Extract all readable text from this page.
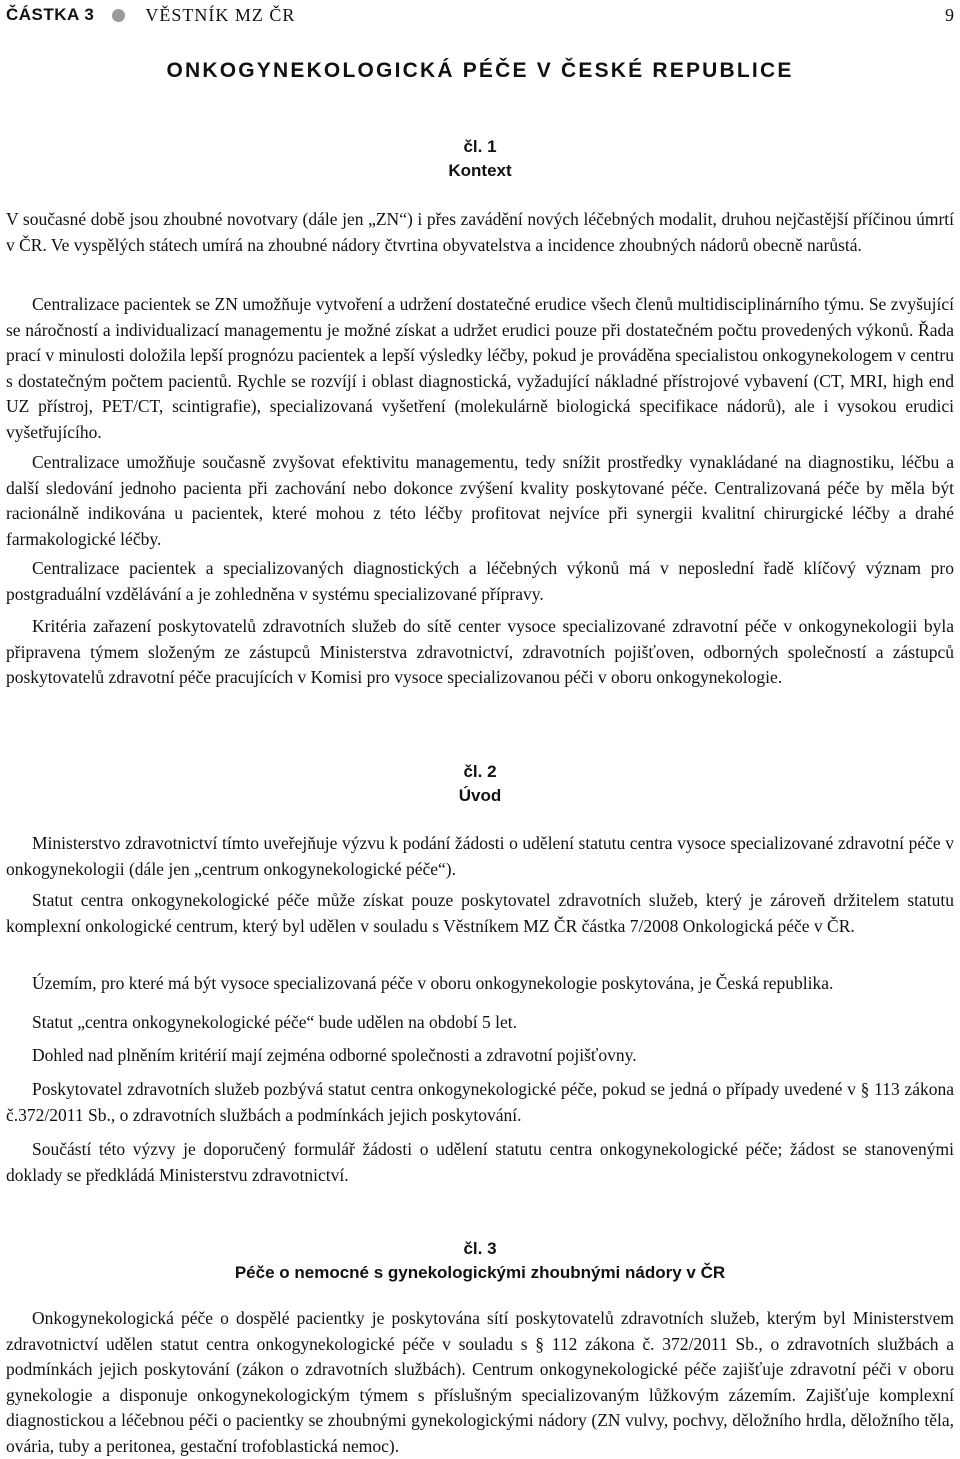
ČÁSTKA 3	VĚSTNÍK MZ ČR	9
ONKOGYNEKOLOGICKÁ PÉČE V ČESKÉ REPUBLICE
čl. 1
Kontext

V současné době jsou zhoubné novotvary (dále jen „ZN“) i přes zavádění nových léčebných modalit, druhou nejčastější příčinou úmrtí v ČR. Ve vyspělých státech umírá na zhoubné nádory čtvrtina obyvatelstva a incidence zhoubných nádorů obecně narůstá.

Centralizace pacientek se ZN umožňuje vytvoření a udržení dostatečné erudice všech členů multidisciplinárního týmu. Se zvyšující se náročností a individualizací managementu je možné získat a udržet erudici pouze při dostatečném počtu provedených výkonů. Řada prací v minulosti doložila lepší prognózu pacientek a lepší výsledky léčby, pokud je prováděna specialistou onkogynekologem v centru s dostatečným počtem pacientů. Rychle se rozvíjí i oblast diagnostická, vyžadující nákladné přístrojové vybavení (CT, MRI, high end UZ přístroj, PET/CT, scintigrafie), specializovaná vyšetření (molekulárně biologická specifikace nádorů), ale i vysokou erudici vyšetřujícího.

Centralizace umožňuje současně zvyšovat efektivitu managementu, tedy snížit prostředky vynakládané na diagnostiku, léčbu a další sledování jednoho pacienta při zachování nebo dokonce zvýšení kvality poskytované péče. Centralizovaná péče by měla být racionálně indikována u pacientek, které mohou z této léčby profitovat nejvíce při synergii kvalitní chirurgické léčby a drahé farmakologické léčby.

Centralizace pacientek a specializovaných diagnostických a léčebných výkonů má v neposlední řadě klíčový význam pro postgraduální vzdělávání a je zohledněna v systému specializované přípravy.

Kritéria zařazení poskytovatelů zdravotních služeb do sítě center vysoce specializované zdravotní péče v onkogynekologii byla připravena týmem složeným ze zástupců Ministerstva zdravotnictví, zdravotních pojišťoven, odborných společností a zástupců poskytovatelů zdravotní péče pracujících v Komisi pro vysoce specializovanou péči v oboru onkogynekologie.

čl. 2
Úvod

Ministerstvo zdravotnictví tímto uveřejňuje výzvu k podání žádosti o udělení statutu centra vysoce specializované zdravotní péče v onkogynekologii (dále jen „centrum onkogynekologické péče“).

Statut centra onkogynekologické péče může získat pouze poskytovatel zdravotních služeb, který je zároveň držitelem statutu komplexní onkologické centrum, který byl udělen v souladu s Věstníkem MZ ČR částka 7/2008 Onkologická péče v ČR.

Územím, pro které má být vysoce specializovaná péče v oboru onkogynekologie poskytována, je Česká republika.

Statut „centra onkogynekologické péče“ bude udělen na období 5 let.

Dohled nad plněním kritérií mají zejména odborné společnosti a zdravotní pojišťovny.

Poskytovatel zdravotních služeb pozbývá statut centra onkogynekologické péče, pokud se jedná o případy uvedené v § 113 zákona č.372/2011 Sb., o zdravotních službách a podmínkách jejich poskytování.

Součástí této výzvy je doporučený formulář žádosti o udělení statutu centra onkogynekologické péče; žádost se stanovenými doklady se předkládá Ministerstvu zdravotnictví.

čl. 3
Péče o nemocné s gynekologickými zhoubnými nádory v ČR

Onkogynekologická péče o dospělé pacientky je poskytována sítí poskytovatelů zdravotních služeb, kterým byl Ministerstvem zdravotnictví udělen statut centra onkogynekologické péče v souladu s § 112 zákona č. 372/2011 Sb., o zdravotních službách a podmínkách jejich poskytování (zákon o zdravotních službách). Centrum onkogynekologické péče zajišťuje zdravotní péči v oboru gynekologie a disponuje onkogynekologickým týmem s příslušným specializovaným lůžkovým zázemím. Zajišťuje komplexní diagnostickou a léčebnou péči o pacientky se zhoubnými gynekologickými nádory (ZN vulvy, pochvy, děložního hrdla, děložního těla, ovária, tuby a peritonea, gestační trofoblastická nemoc).
